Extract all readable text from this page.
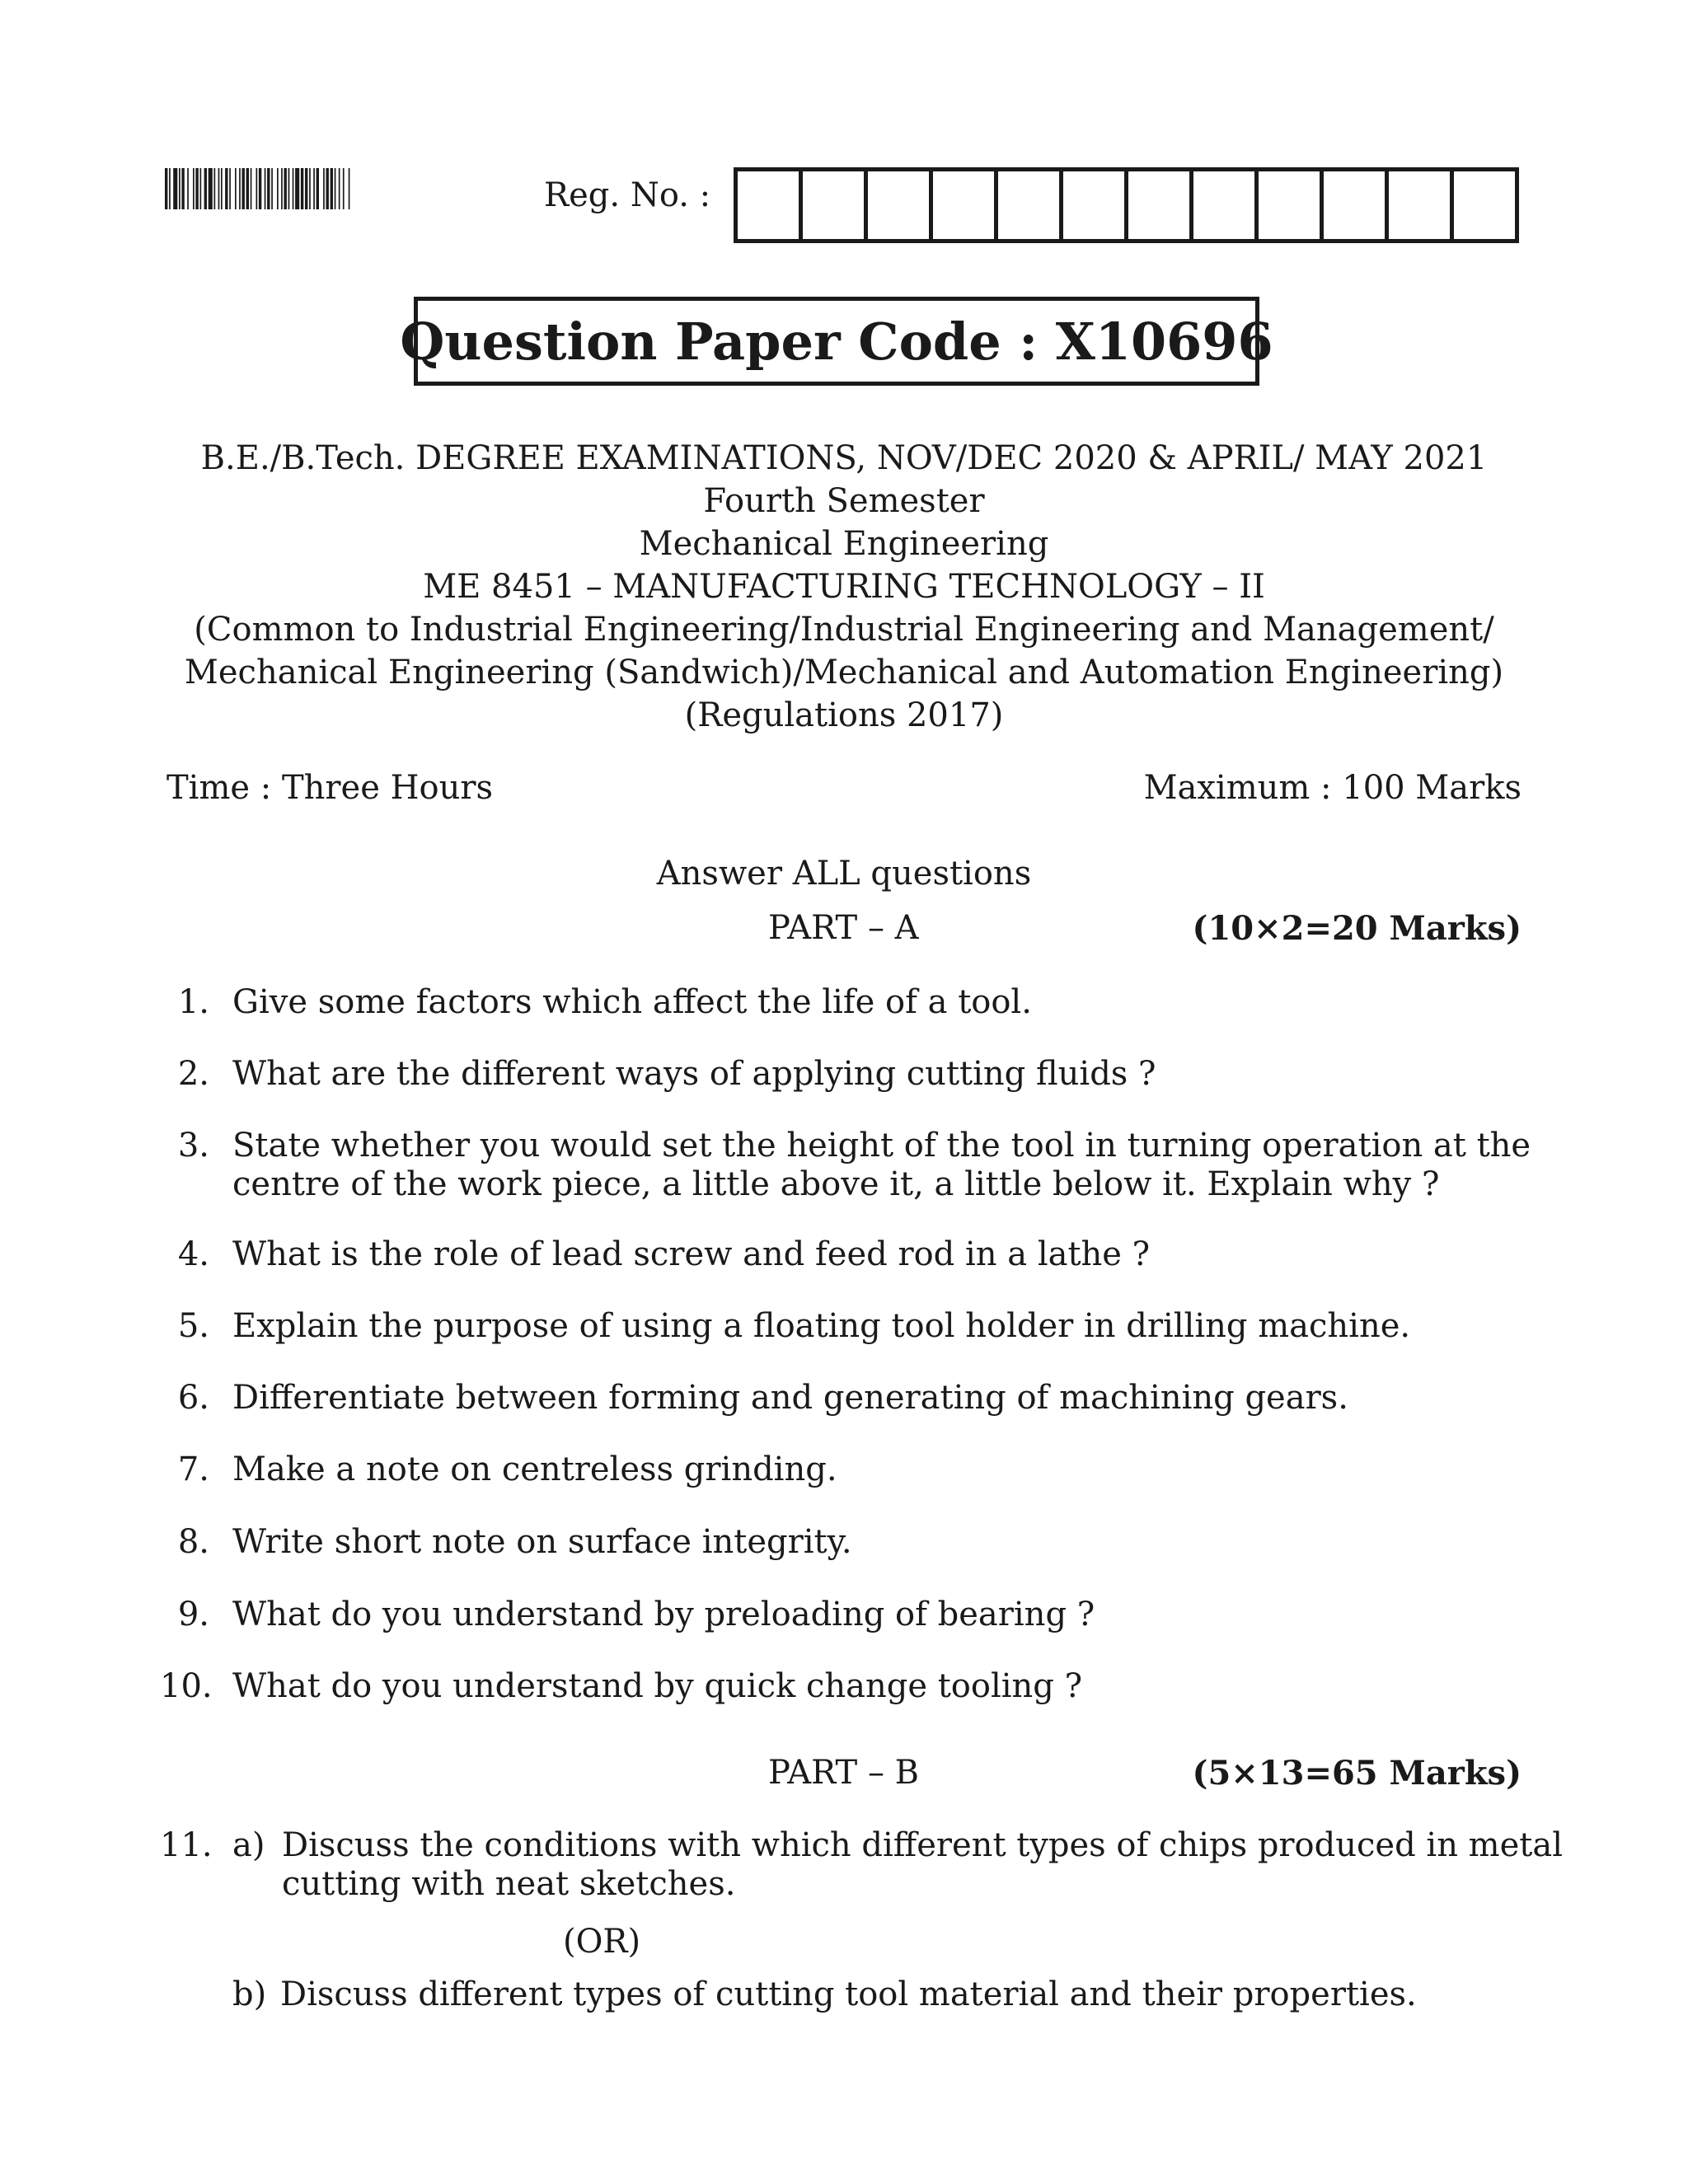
Reg. No. :
Question Paper Code : X10696
B.E./B.Tech. DEGREE EXAMINATIONS, NOV/DEC 2020 & APRIL/ MAY 2021
Fourth Semester
Mechanical Engineering
ME 8451 – MANUFACTURING TECHNOLOGY – II
(Common to Industrial Engineering/Industrial Engineering and Management/
Mechanical Engineering (Sandwich)/Mechanical and Automation Engineering)
(Regulations 2017)
Time : Three Hours	Maximum : 100 Marks
Answer ALL questions
PART – A	(10×2=20 Marks)
1. Give some factors which affect the life of a tool.
2. What are the different ways of applying cutting fluids ?
3. State whether you would set the height of the tool in turning operation at the
centre of the work piece, a little above it, a little below it. Explain why ?
4. What is the role of lead screw and feed rod in a lathe ?
5. Explain the purpose of using a floating tool holder in drilling machine.
6. Differentiate between forming and generating of machining gears.
7. Make a note on centreless grinding.
8. Write short note on surface integrity.
9. What do you understand by preloading of bearing ?
10. What do you understand by quick change tooling ?
PART – B	(5×13=65 Marks)
11. a) Discuss the conditions with which different types of chips produced in metal
cutting with neat sketches.
(OR)
b) Discuss different types of cutting tool material and their properties.
